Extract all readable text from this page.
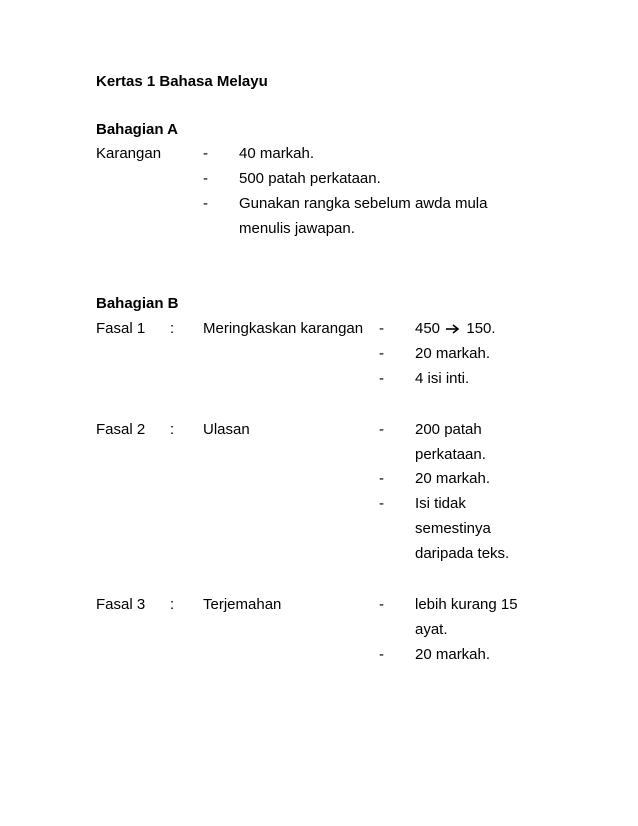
Kertas 1 Bahasa Melayu
Bahagian A
Karangan	- 40 markah.
- 500 patah perkataan.
- Gunakan rangka sebelum awda mula
menulis jawapan.
Bahagian B
Fasal 1 : Meringkaskan karangan - 450 150.
- 20 markah.
- 4 isi inti.
Fasal 2 : Ulasan	- 200 patah
perkataan.
- 20 markah.
- Isi tidak
semestinya
daripada teks.
Fasal 3 : Terjemahan	- lebih kurang 15
ayat.
- 20 markah.
